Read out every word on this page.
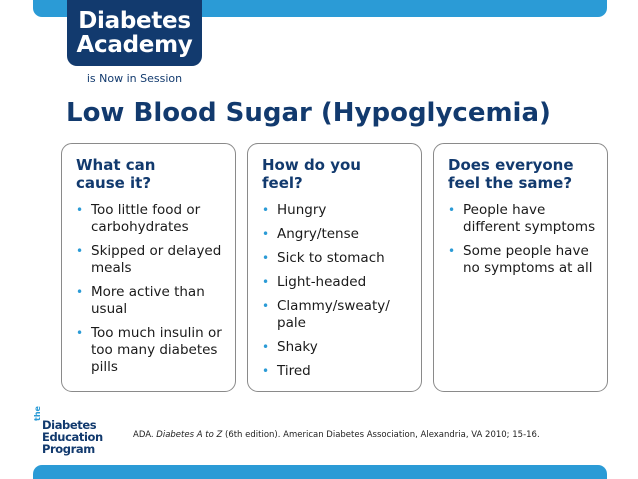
Diabetes
Academy
is Now in Session
Low Blood Sugar (Hypoglycemia)
What can
cause it?
• Too little food or carbohydrates
• Skipped or delayed meals
• More active than usual
• Too much insulin or too many diabetes pills
How do you
feel?
• Hungry
• Angry/tense
• Sick to stomach
• Light-headed
• Clammy/sweaty/ pale
• Shaky
• Tired
Does everyone
feel the same?
• People have different symptoms
• Some people have no symptoms at all
the
Diabetes
Education
Program
ADA. Diabetes A to Z (6th edition). American Diabetes Association, Alexandria, VA 2010; 15-16.
